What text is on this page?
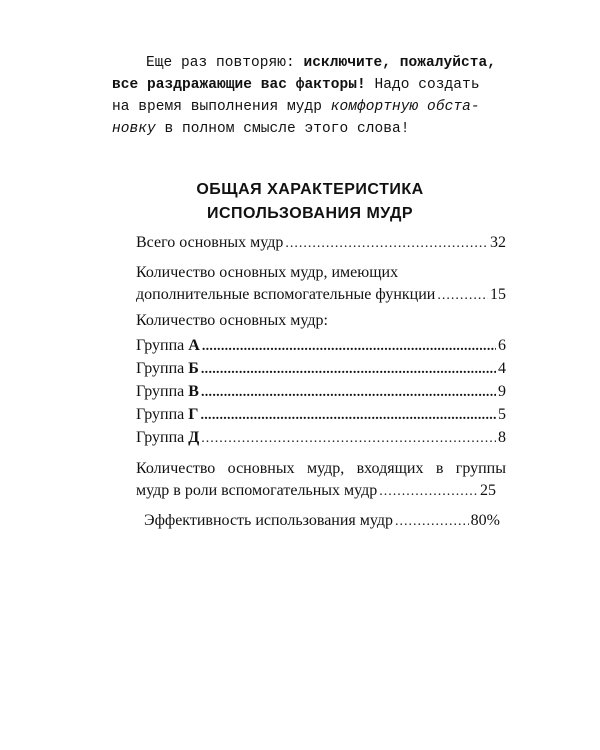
Еще раз повторяю: исключите, пожалуйста,
все раздражающие вас факторы! Надо создать
на время выполнения мудр комфортную обста-
новку в полном смысле этого слова!
ОБЩАЯ ХАРАКТЕРИСТИКА
ИСПОЛЬЗОВАНИЯ МУДР
Всего основных мудр .....	32
Количество основных мудр, имеющих
дополнительные вспомогательные функции .....	15
Количество основных мудр:
Группа А .....	6
Группа Б .....	4
Группа В .....	9
Группа Г .....	5
Группа Д .....	8
Количество основных мудр, входящих в группы
мудр в роли вспомогательных мудр .....	25
Эффективность использования мудр .....	80%
